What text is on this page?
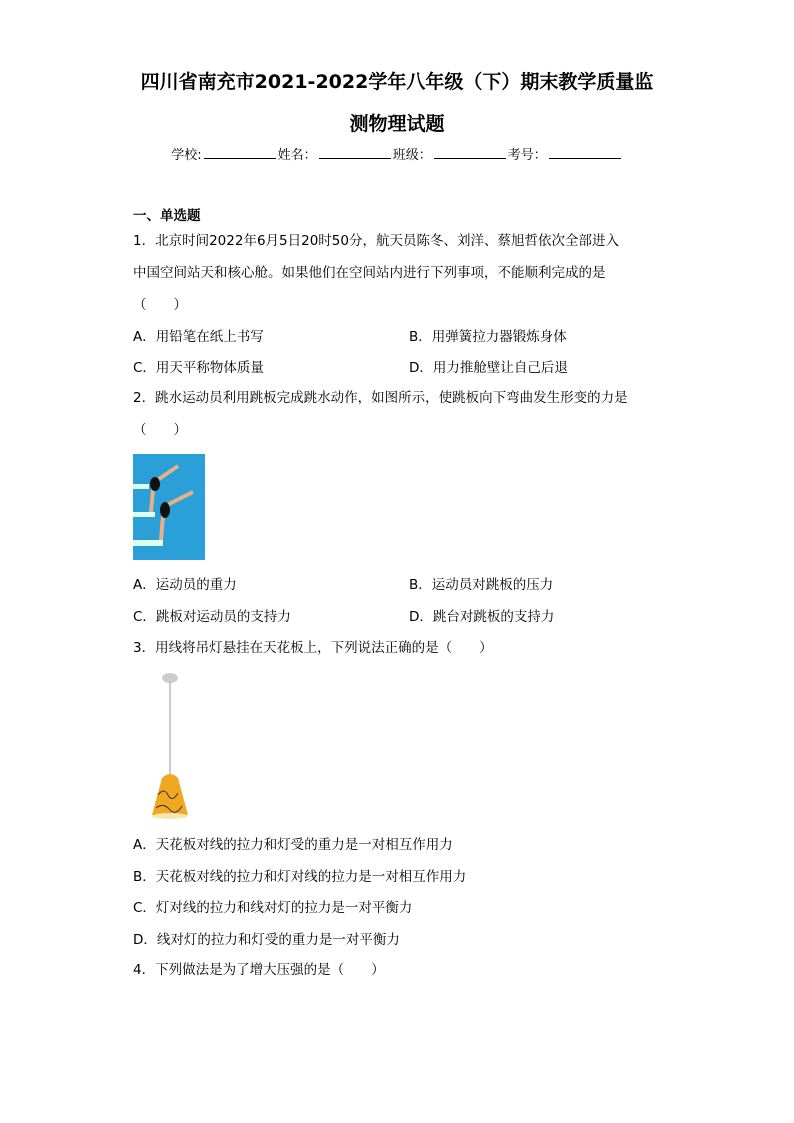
四川省南充市2021-2022学年八年级（下）期末教学质量监
测物理试题
学校:	姓名：	班级：	考号：
一、单选题
1．北京时间2022年6月5日20时50分，航天员陈冬、刘洋、蔡旭哲依次全部进入
中国空间站天和核心舱。如果他们在空间站内进行下列事项，不能顺利完成的是
（　　）
A．用铅笔在纸上书写	B．用弹簧拉力器锻炼身体
C．用天平称物体质量	D．用力推舱壁让自己后退
2．跳水运动员利用跳板完成跳水动作，如图所示，使跳板向下弯曲发生形变的力是
（　　）
A．运动员的重力	B．运动员对跳板的压力
C．跳板对运动员的支持力	D．跳台对跳板的支持力
3．用线将吊灯悬挂在天花板上，下列说法正确的是（　　）
A．天花板对线的拉力和灯受的重力是一对相互作用力
B．天花板对线的拉力和灯对线的拉力是一对相互作用力
C．灯对线的拉力和线对灯的拉力是一对平衡力
D．线对灯的拉力和灯受的重力是一对平衡力
4．下列做法是为了增大压强的是（　　）
